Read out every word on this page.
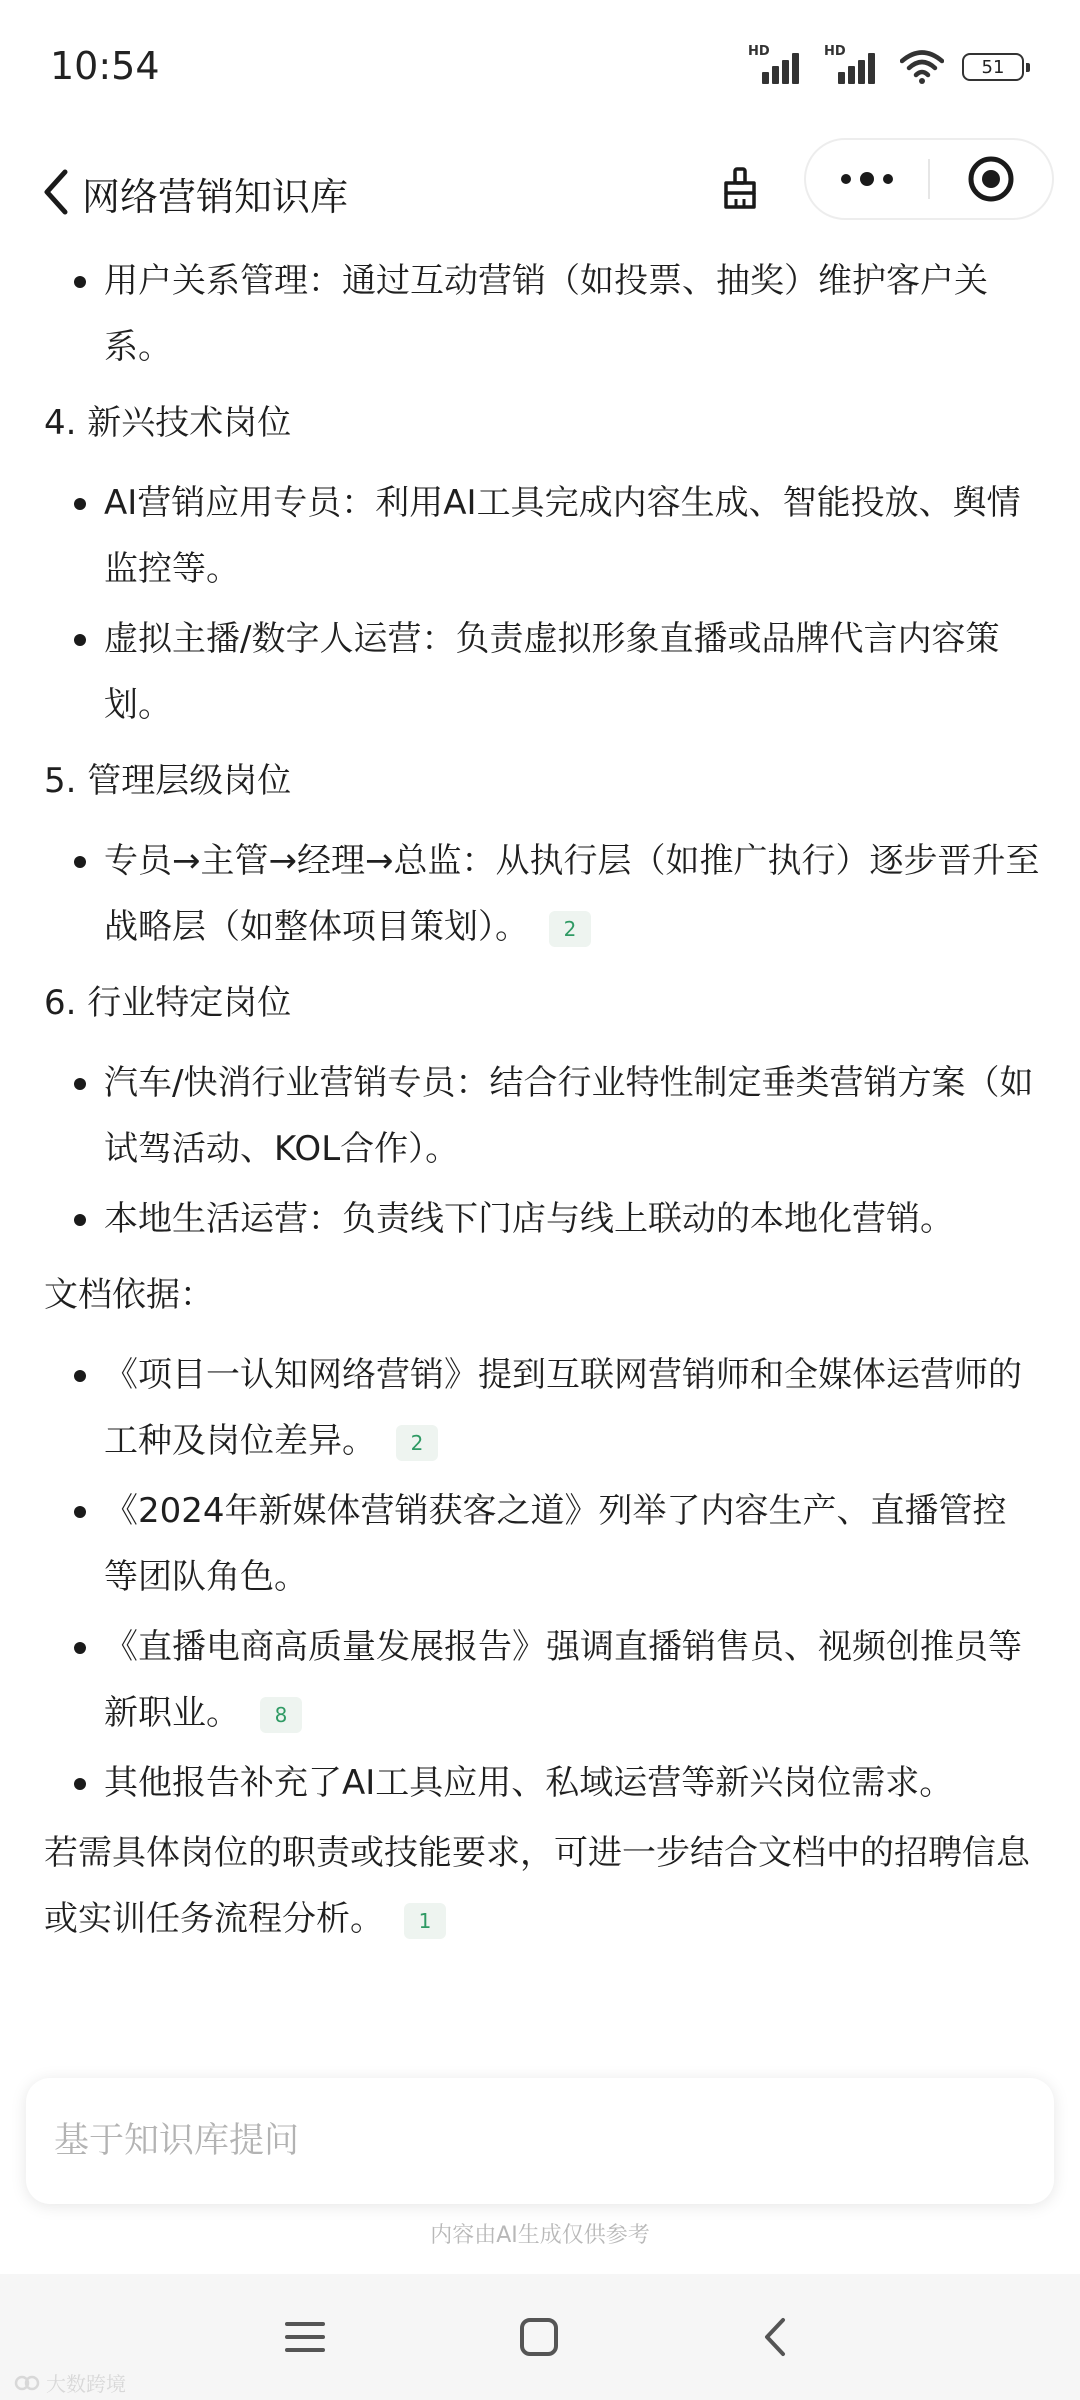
10:54	HD	HD
51
网络营销知识库
用户关系管理：通过互动营销（如投票、抽奖）维护客户关系。
4. 新兴技术岗位
AI营销应用专员：利用AI工具完成内容生成、智能投放、舆情监控等。
虚拟主播/数字人运营：负责虚拟形象直播或品牌代言内容策划。
5. 管理层级岗位
专员→主管→经理→总监：从执行层（如推广执行）逐步晋升至战略层（如整体项目策划）。 2
6. 行业特定岗位
汽车/快消行业营销专员：结合行业特性制定垂类营销方案（如试驾活动、KOL合作）。
本地生活运营：负责线下门店与线上联动的本地化营销。
文档依据：
《项目一认知网络营销》提到互联网营销师和全媒体运营师的工种及岗位差异。 2
《2024年新媒体营销获客之道》列举了内容生产、直播管控等团队角色。
《直播电商高质量发展报告》强调直播销售员、视频创推员等新职业。 8
其他报告补充了AI工具应用、私域运营等新兴岗位需求。
若需具体岗位的职责或技能要求，可进一步结合文档中的招聘信息或实训任务流程分析。 1
基于知识库提问
内容由AI生成仅供参考
大数跨境
